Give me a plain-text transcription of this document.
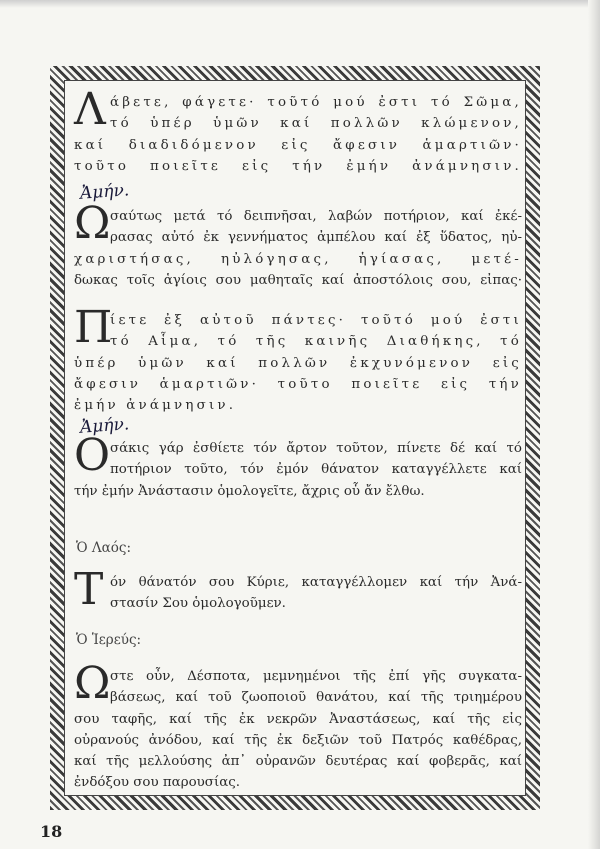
Λ άβετε, φάγετε· τοῦτό μού ἐστι τό Σῶμα,
τό ὑπέρ ὑμῶν καί πολλῶν κλώμενον,
καί διαδιδόμενον εἰς ἄφεσιν ἁμαρτιῶν·
τοῦτο ποιεῖτε εἰς τήν ἐμήν ἀνάμνησιν.
Ἀμήν.
Ω σαύτως μετά τό δειπνῆσαι, λαβών ποτήριον, καί ἐκέ-
ρασας αὐτό ἐκ γεννήματος ἀμπέλου καί ἐξ ὕδατος, ηὐ-
χαριστήσας, ηὐλόγησας, ἡγίασας, μετέ-
δωκας τοῖς ἁγίοις σου μαθηταῖς καί ἀποστόλοις σου, εἰπας·
Π
ίετε ἐξ αὐτοῦ πάντες· τοῦτό μού ἐστι
τό Αἷμα, τό τῆς καινῆς Διαθήκης, τό
ὑπέρ ὑμῶν καί πολλῶν ἐκχυνόμενον εἰς
ἄφεσιν ἁμαρτιῶν· τοῦτο ποιεῖτε εἰς τήν
ἐμήν ἀνάμνησιν.
Ἀμήν.
Ο σάκις γάρ ἐσθίετε τόν ἄρτον τοῦτον, πίνετε δέ καί τό
ποτήριον τοῦτο, τόν ἐμόν θάνατον καταγγέλλετε καί
τήν ἐμήν Ἀνάστασιν ὁμολογεῖτε, ἄχρις οὗ ἄν ἔλθω.
Ὁ Λαός:
Τ όν θάνατόν σου Κύριε, καταγγέλλομεν καί τήν Ἀνά-
στασίν Σου ὁμολογοῦμεν.
Ὁ Ἱερεύς:
Ω στε οὖν, Δέσποτα, μεμνημένοι τῆς ἐπί γῆς συγκατα-
βάσεως, καί τοῦ ζωοποιοῦ θανάτου, καί τῆς τριημέρου
σου ταφῆς, καί τῆς ἐκ νεκρῶν Ἀναστάσεως, καί τῆς εἰς
οὐρανούς ἀνόδου, καί τῆς ἐκ δεξιῶν τοῦ Πατρός καθέδρας,
καί τῆς μελλούσης ἀπ᾿ οὐρανῶν δευτέρας καί φοβερᾶς, καί
ἐνδόξου σου παρουσίας.
18
